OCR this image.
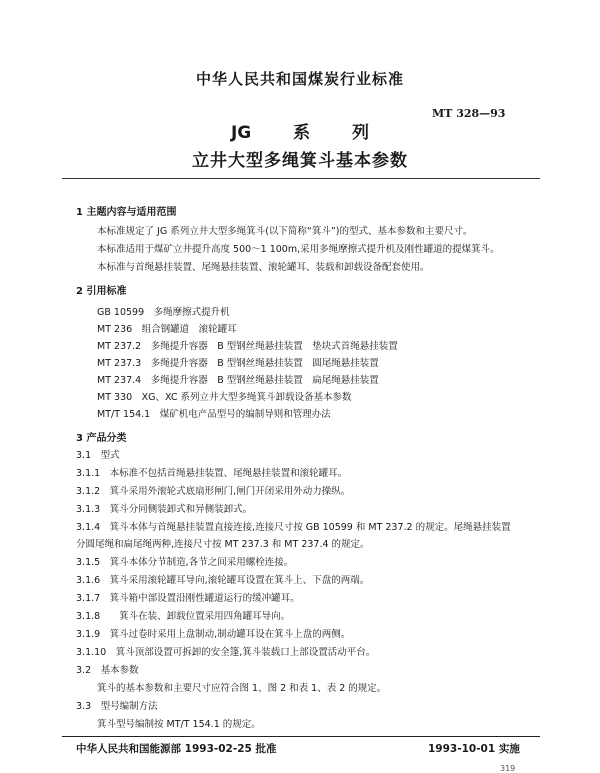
中华人民共和国煤炭行业标准
MT 328—93
JG 系 列
立井大型多绳箕斗基本参数
1 主题内容与适用范围
本标准规定了 JG 系列立井大型多绳箕斗(以下简称“箕斗”)的型式、基本参数和主要尺寸。
本标准适用于煤矿立井提升高度 500～1 100m,采用多绳摩擦式提升机及刚性罐道的提煤箕斗。
本标准与首绳悬挂装置、尾绳悬挂装置、滚轮罐耳、装载和卸载设备配套使用。
2 引用标准
GB 10599　多绳摩擦式提升机
MT 236　组合钢罐道　滚轮罐耳
MT 237.2　多绳提升容器　B 型钢丝绳悬挂装置　垫块式首绳悬挂装置
MT 237.3　多绳提升容器　B 型钢丝绳悬挂装置　圆尾绳悬挂装置
MT 237.4　多绳提升容器　B 型钢丝绳悬挂装置　扁尾绳悬挂装置
MT 330　XG、XC 系列立井大型多绳箕斗卸载设备基本参数
MT/T 154.1　煤矿机电产品型号的编制导则和管理办法
3 产品分类
3.1　型式
3.1.1　本标准不包括首绳悬挂装置、尾绳悬挂装置和滚轮罐耳。
3.1.2　箕斗采用外滚轮式底扇形闸门,闸门开闭采用外动力操纵。
3.1.3　箕斗分同侧装卸式和异侧装卸式。
3.1.4　箕斗本体与首绳悬挂装置直接连接,连接尺寸按 GB 10599 和 MT 237.2 的规定。尾绳悬挂装置
分圆尾绳和扁尾绳两种,连接尺寸按 MT 237.3 和 MT 237.4 的规定。
3.1.5　箕斗本体分节制造,各节之间采用螺栓连接。
3.1.6　箕斗采用滚轮罐耳导向,滚轮罐耳设置在箕斗上、下盘的两端。
3.1.7　箕斗箱中部设置沿刚性罐道运行的缓冲罐耳。
3.1.8　　箕斗在装、卸载位置采用四角罐耳导向。
3.1.9　箕斗过卷时采用上盘制动,制动罐耳设在箕斗上盘的两侧。
3.1.10　箕斗顶部设置可拆卸的安全篷,箕斗装载口上部设置活动平台。
3.2　基本参数
箕斗的基本参数和主要尺寸应符合图 1、图 2 和表 1、表 2 的规定。
3.3　型号编制方法
箕斗型号编制按 MT/T 154.1 的规定。
中华人民共和国能源部 1993-02-25 批准	1993-10-01 实施
319
